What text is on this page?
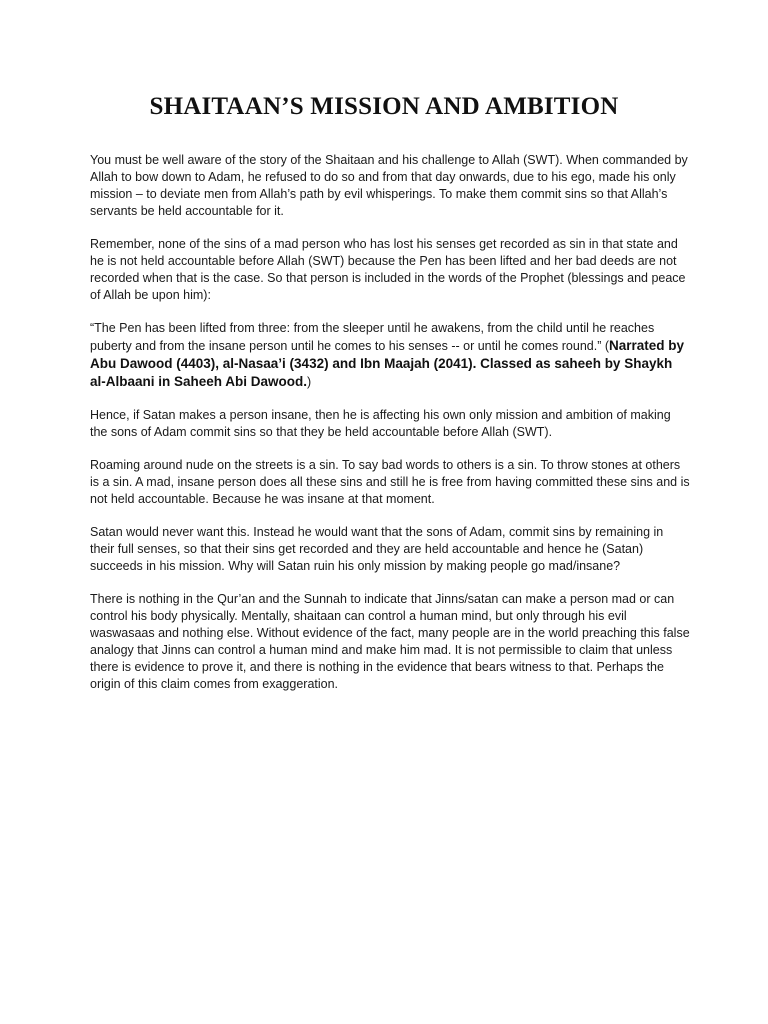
SHAITAAN’S MISSION AND AMBITION

You must be well aware of the story of the Shaitaan and his challenge to Allah (SWT). When commanded by Allah to bow down to Adam, he refused to do so and from that day onwards, due to his ego, made his only mission – to deviate men from Allah’s path by evil whisperings. To make them commit sins so that Allah’s servants be held accountable for it.

Remember, none of the sins of a mad person who has lost his senses get recorded as sin in that state and he is not held accountable before Allah (SWT) because the Pen has been lifted and her bad deeds are not recorded when that is the case. So that person is included in the words of the Prophet (blessings and peace of Allah be upon him):

“The Pen has been lifted from three: from the sleeper until he awakens, from the child until he reaches puberty and from the insane person until he comes to his senses -- or until he comes round.” (Narrated by Abu Dawood (4403), al-Nasaa’i (3432) and Ibn Maajah (2041). Classed as saheeh by Shaykh al-Albaani in Saheeh Abi Dawood.)

Hence, if Satan makes a person insane, then he is affecting his own only mission and ambition of making the sons of Adam commit sins so that they be held accountable before Allah (SWT).

Roaming around nude on the streets is a sin. To say bad words to others is a sin. To throw stones at others is a sin. A mad, insane person does all these sins and still he is free from having committed these sins and is not held accountable. Because he was insane at that moment.

Satan would never want this. Instead he would want that the sons of Adam, commit sins by remaining in their full senses, so that their sins get recorded and they are held accountable and hence he (Satan) succeeds in his mission. Why will Satan ruin his only mission by making people go mad/insane?

There is nothing in the Qur’an and the Sunnah to indicate that Jinns/satan can make a person mad or can control his body physically. Mentally, shaitaan can control a human mind, but only through his evil waswasaas and nothing else. Without evidence of the fact, many people are in the world preaching this false analogy that Jinns can control a human mind and make him mad. It is not permissible to claim that unless there is evidence to prove it, and there is nothing in the evidence that bears witness to that. Perhaps the origin of this claim comes from exaggeration.
